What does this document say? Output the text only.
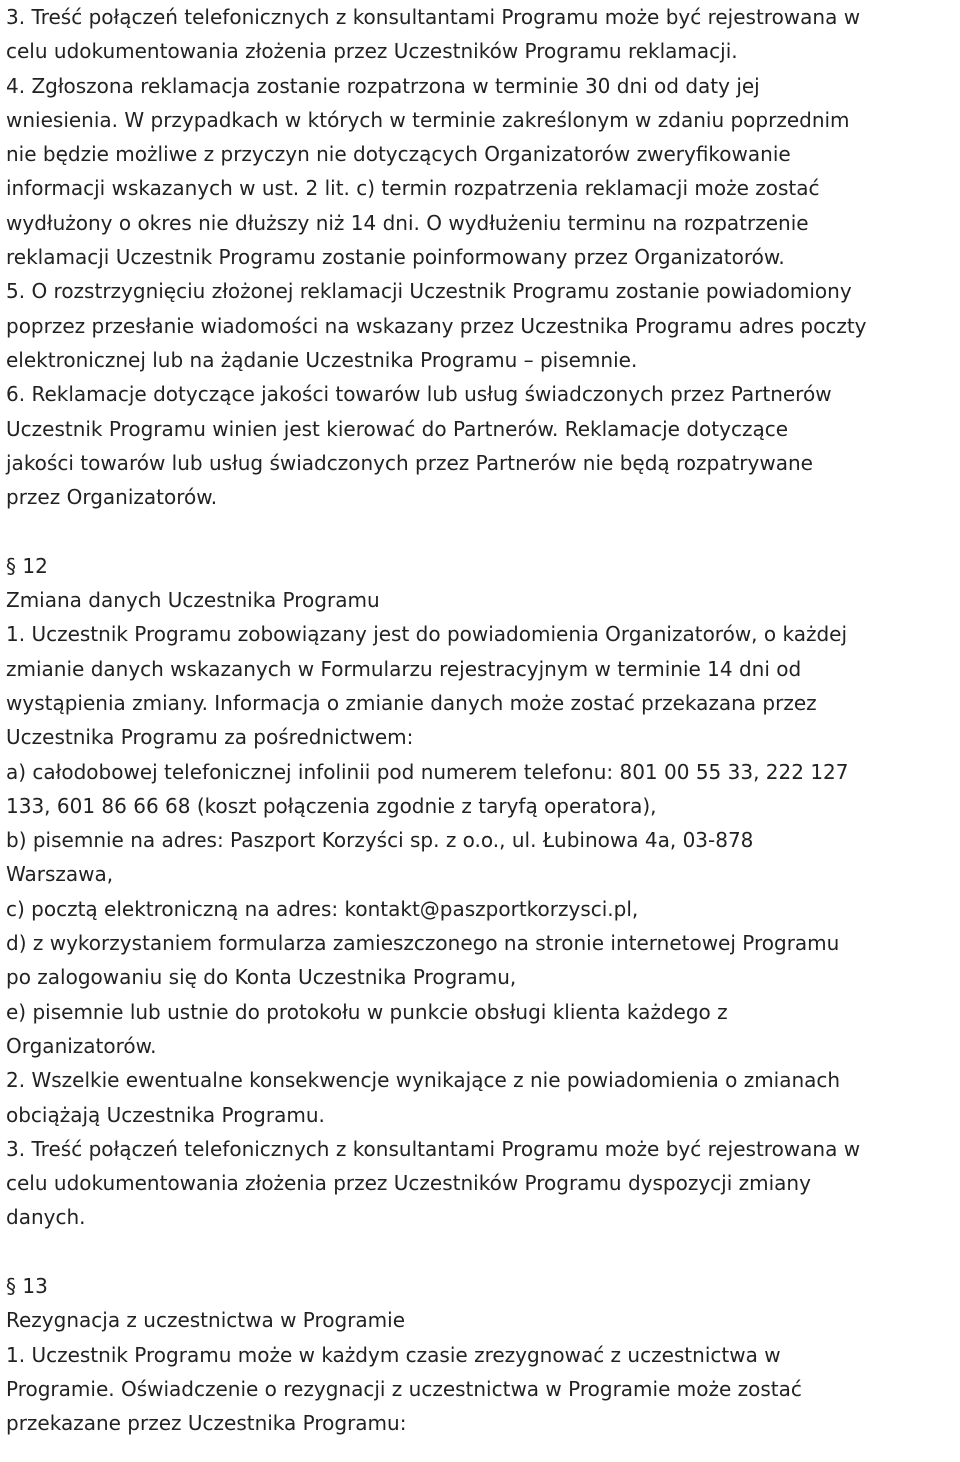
3. Treść połączeń telefonicznych z konsultantami Programu może być rejestrowana w
celu udokumentowania złożenia przez Uczestników Programu reklamacji.
4. Zgłoszona reklamacja zostanie rozpatrzona w terminie 30 dni od daty jej
wniesienia. W przypadkach w których w terminie zakreślonym w zdaniu poprzednim
nie będzie możliwe z przyczyn nie dotyczących Organizatorów zweryfikowanie
informacji wskazanych w ust. 2 lit. c) termin rozpatrzenia reklamacji może zostać
wydłużony o okres nie dłuższy niż 14 dni. O wydłużeniu terminu na rozpatrzenie
reklamacji Uczestnik Programu zostanie poinformowany przez Organizatorów.
5. O rozstrzygnięciu złożonej reklamacji Uczestnik Programu zostanie powiadomiony
poprzez przesłanie wiadomości na wskazany przez Uczestnika Programu adres poczty
elektronicznej lub na żądanie Uczestnika Programu – pisemnie.
6. Reklamacje dotyczące jakości towarów lub usług świadczonych przez Partnerów
Uczestnik Programu winien jest kierować do Partnerów. Reklamacje dotyczące
jakości towarów lub usług świadczonych przez Partnerów nie będą rozpatrywane
przez Organizatorów.
§ 12
Zmiana danych Uczestnika Programu
1. Uczestnik Programu zobowiązany jest do powiadomienia Organizatorów, o każdej
zmianie danych wskazanych w Formularzu rejestracyjnym w terminie 14 dni od
wystąpienia zmiany. Informacja o zmianie danych może zostać przekazana przez
Uczestnika Programu za pośrednictwem:
a) całodobowej telefonicznej infolinii pod numerem telefonu: 801 00 55 33, 222 127
133, 601 86 66 68 (koszt połączenia zgodnie z taryfą operatora),
b) pisemnie na adres: Paszport Korzyści sp. z o.o., ul. Łubinowa 4a, 03-878
Warszawa,
c) pocztą elektroniczną na adres: kontakt@paszportkorzysci.pl,
d) z wykorzystaniem formularza zamieszczonego na stronie internetowej Programu
po zalogowaniu się do Konta Uczestnika Programu,
e) pisemnie lub ustnie do protokołu w punkcie obsługi klienta każdego z
Organizatorów.
2. Wszelkie ewentualne konsekwencje wynikające z nie powiadomienia o zmianach
obciążają Uczestnika Programu.
3. Treść połączeń telefonicznych z konsultantami Programu może być rejestrowana w
celu udokumentowania złożenia przez Uczestników Programu dyspozycji zmiany
danych.
§ 13
Rezygnacja z uczestnictwa w Programie
1. Uczestnik Programu może w każdym czasie zrezygnować z uczestnictwa w
Programie. Oświadczenie o rezygnacji z uczestnictwa w Programie może zostać
przekazane przez Uczestnika Programu:
